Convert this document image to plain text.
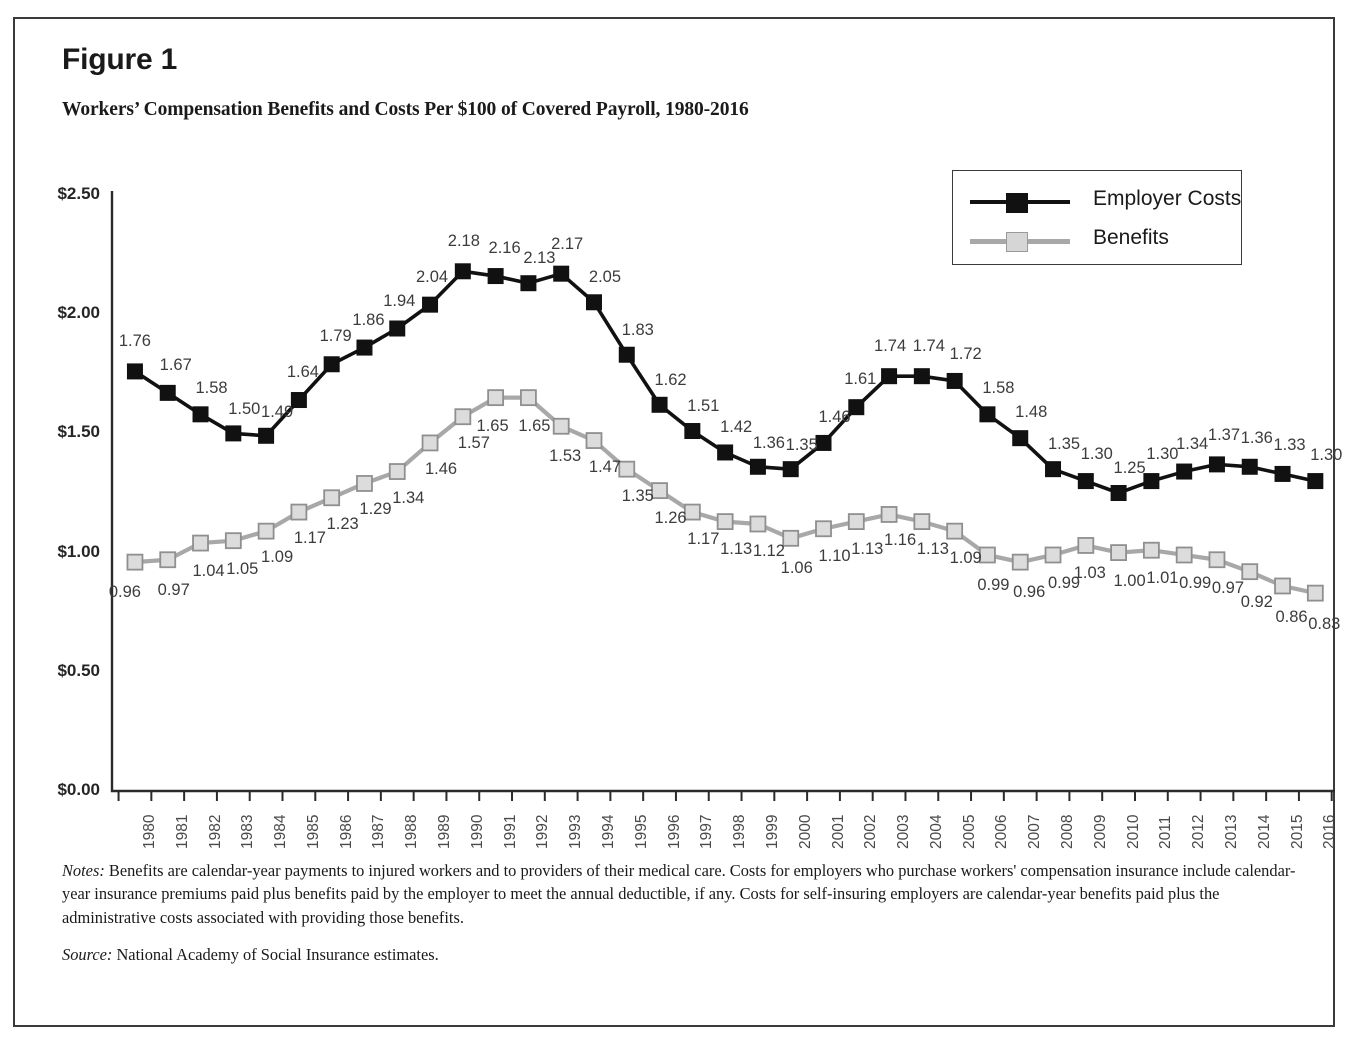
Figure 1
Workers’ Compensation Benefits and Costs Per $100 of Covered Payroll, 1980-2016
$2.50
$2.00
$1.50
$1.00
$0.50
$0.00
1980 1981 1982 1983 1984 1985 1986 1987 1988 1989 1990 1991 1992 1993 1994 1995 1996 1997 1998 1999 2000 2001 2002 2003 2004 2005 2006 2007 2008 2009 2010 2011 2012 2013 2014 2015 2016
1.76
1.67
1.58
1.50 1.49
1.64
1.79
1.86
1.94
2.04
2.18 2.16
2.13
2.17
2.05
1.83
1.62
1.51
1.42
1.36 1.35
1.46
1.61
1.74 1.74 1.72
1.58
1.48
1.35
1.30
1.25
1.30
1.34 1.37 1.36 1.33
1.30
0.96 0.97
1.04 1.05
1.09
1.17
1.23
1.29
1.34
1.46
1.57
1.65 1.65
1.53
1.47
1.35
1.26
1.17
1.13 1.12
1.06
1.10 1.13 1.16 1.13
1.09
0.99 0.96
0.99
1.03 1.00 1.01 0.99 0.97
0.92
0.86 0.83
Employer Costs
Benefits
Notes: Benefits are calendar-year payments to injured workers and to providers of their medical care. Costs for employers who purchase workers' compensation insurance include calendar-year insurance premiums paid plus benefits paid by the employer to meet the annual deductible, if any. Costs for self-insuring employers are calendar-year benefits paid plus the administrative costs associated with providing those benefits.
Source: National Academy of Social Insurance estimates.
